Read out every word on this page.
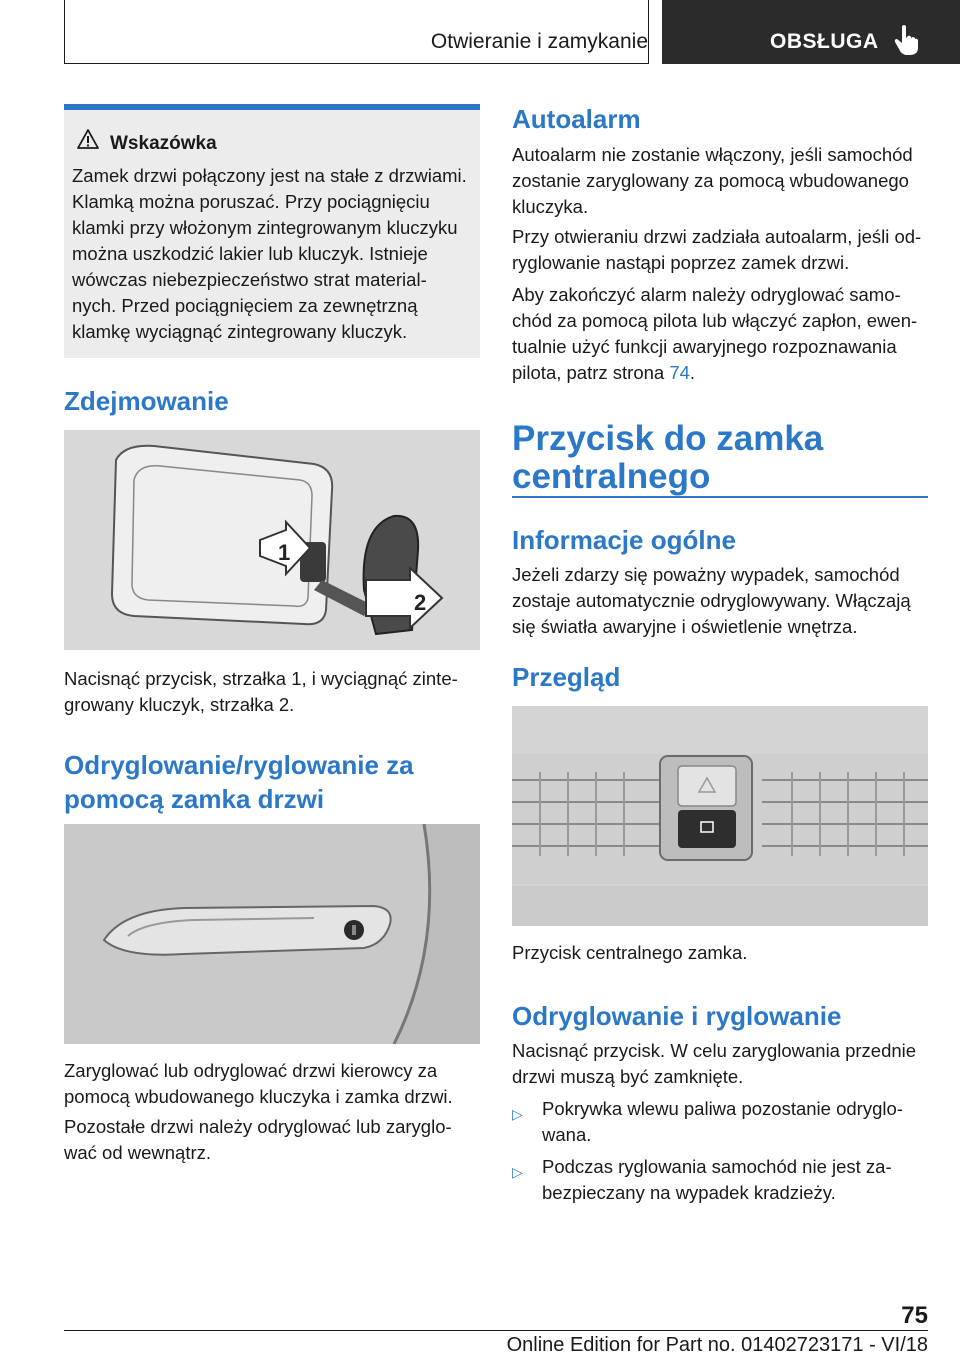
Otwieranie i zamykanie	OBSŁUGA
Wskazówka
Zamek drzwi połączony jest na stałe z drzwiami.
Klamką można poruszać. Przy pociągnięciu
klamki przy włożonym zintegrowanym kluczyku
można uszkodzić lakier lub kluczyk. Istnieje
wówczas niebezpieczeństwo strat material‐
nych. Przed pociągnięciem za zewnętrzną
klamkę wyciągnąć zintegrowany kluczyk.
Zdejmowanie
1
2
Nacisnąć przycisk, strzałka 1, i wyciągnąć zinte‐
growany kluczyk, strzałka 2.
Odryglowanie/ryglowanie za
pomocą zamka drzwi
Zaryglować lub odryglować drzwi kierowcy za
pomocą wbudowanego kluczyka i zamka drzwi.
Pozostałe drzwi należy odryglować lub zaryglo‐
wać od wewnątrz.
Autoalarm
Autoalarm nie zostanie włączony, jeśli samochód
zostanie zaryglowany za pomocą wbudowanego
kluczyka.
Przy otwieraniu drzwi zadziała autoalarm, jeśli od‐
ryglowanie nastąpi poprzez zamek drzwi.
Aby zakończyć alarm należy odryglować samo‐
chód za pomocą pilota lub włączyć zapłon, ewen‐
tualnie użyć funkcji awaryjnego rozpoznawania
pilota, patrz strona 74.
Przycisk do zamka
centralnego
Informacje ogólne
Jeżeli zdarzy się poważny wypadek, samochód
zostaje automatycznie odryglowywany. Włączają
się światła awaryjne i oświetlenie wnętrza.
Przegląd
Przycisk centralnego zamka.
Odryglowanie i ryglowanie
Nacisnąć przycisk. W celu zaryglowania przednie
drzwi muszą być zamknięte.
▷ Pokrywka wlewu paliwa pozostanie odryglo‐
wana.
▷ Podczas ryglowania samochód nie jest za‐
bezpieczany na wypadek kradzieży.
75
Online Edition for Part no. 01402723171 - VI/18
